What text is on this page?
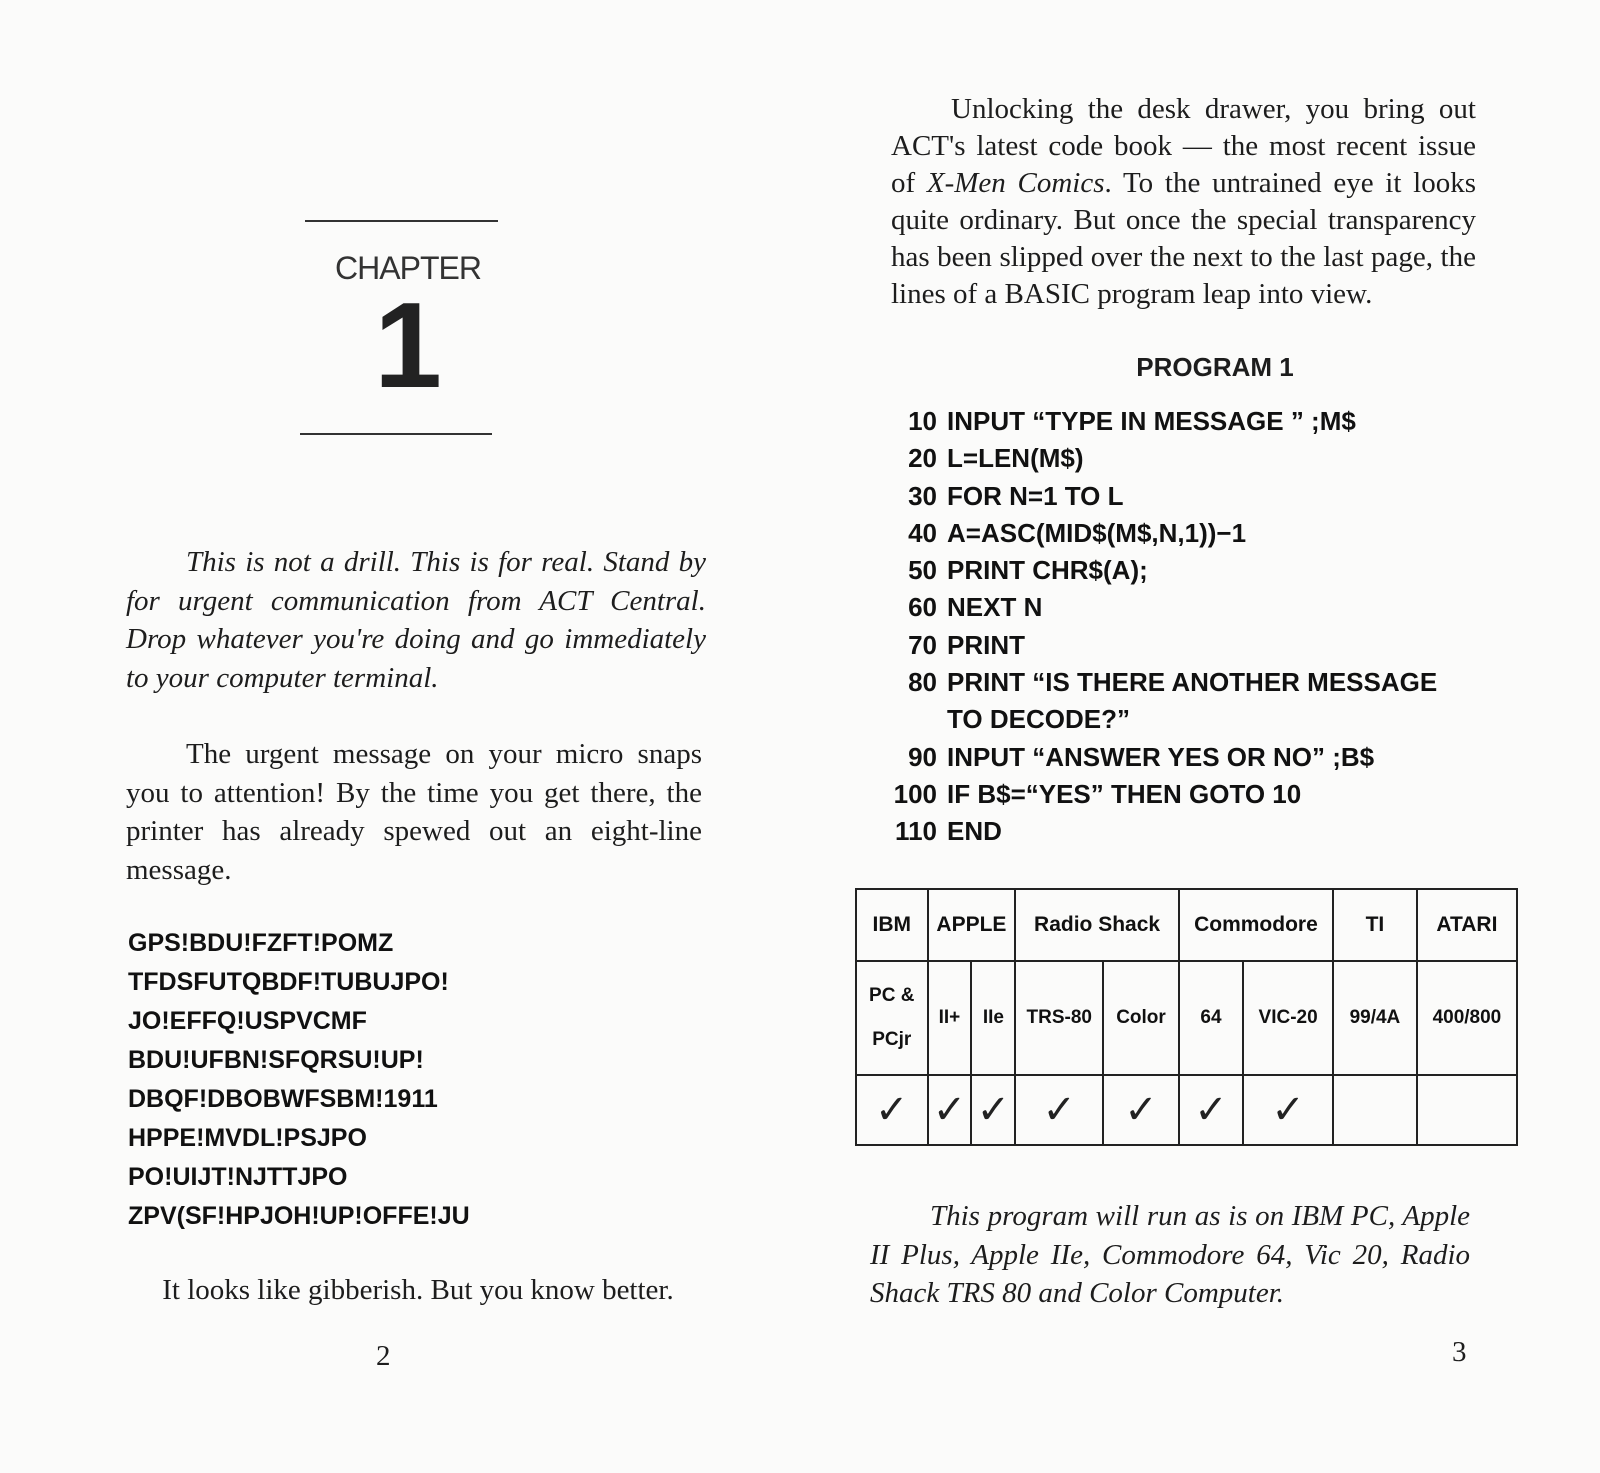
CHAPTER
1

This is not a drill. This is for real. Stand by for urgent communication from ACT Central. Drop whatever you're doing and go immediately to your computer terminal.

The urgent message on your micro snaps you to attention! By the time you get there, the printer has already spewed out an eight-line message.

GPS!BDU!FZFT!POMZ
TFDSFUTQBDF!TUBUJPO!
JO!EFFQ!USPVCMF
BDU!UFBN!SFQRSU!UP!
DBQF!DBOBWFSBM!1911
HPPE!MVDL!PSJPO
PO!UIJT!NJTTJPO
ZPV(SF!HPJOH!UP!OFFE!JU
It looks like gibberish. But you know better.
2

Unlocking the desk drawer, you bring out ACT's latest code book — the most recent issue of X-Men Comics. To the untrained eye it looks quite ordinary. But once the special transparency has been slipped over the next to the last page, the lines of a BASIC program leap into view.

PROGRAM 1
10 INPUT “TYPE IN MESSAGE ” ;M$
20 L=LEN(M$)
30 FOR N=1 TO L
40 A=ASC(MID$(M$,N,1))−1
50 PRINT CHR$(A);
60 NEXT N
70 PRINT
80 PRINT “IS THERE ANOTHER MESSAGE
TO DECODE?”
90 INPUT “ANSWER YES OR NO” ;B$
100 IF B$=“YES” THEN GOTO 10
110 END
IBM	APPLE		Radio Shack		Commodore		TI	ATARI

PC &
PCjr	II+	IIe	TRS-80	Color	64	VIC-20	99/4A	400/800
✓	✓	✓	✓	✓	✓	✓		

This program will run as is on IBM PC, Apple II Plus, Apple IIe, Commodore 64, Vic 20, Radio Shack TRS 80 and Color Computer.

3
